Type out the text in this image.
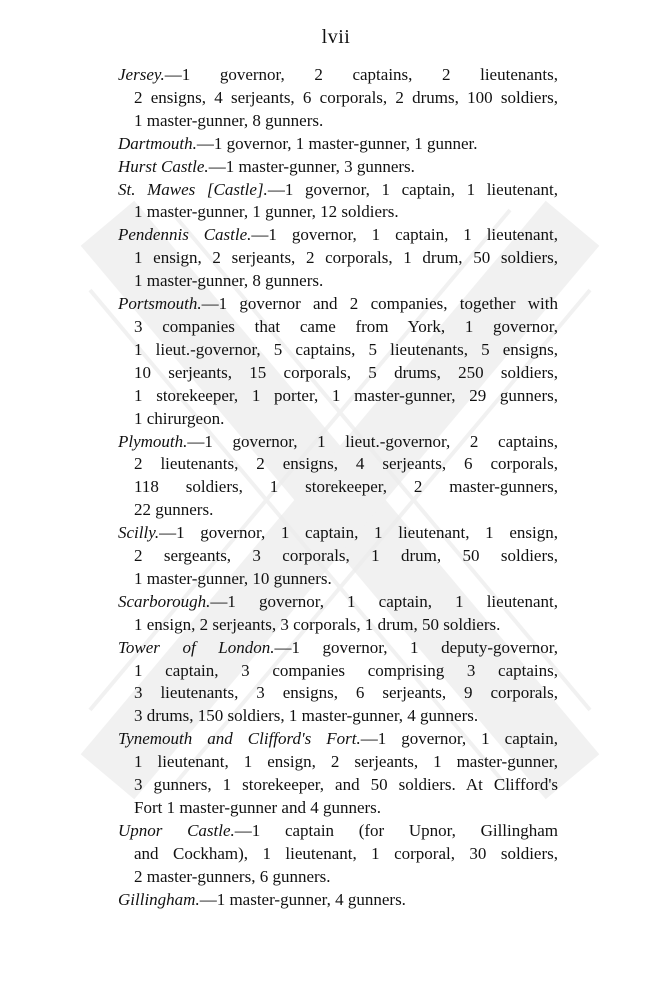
lvii
Jersey.—1 governor, 2 captains, 2 lieutenants,
2 ensigns, 4 serjeants, 6 corporals, 2 drums, 100 soldiers,
1 master-gunner, 8 gunners.
Dartmouth.—1 governor, 1 master-gunner, 1 gunner.
Hurst Castle.—1 master-gunner, 3 gunners.
St. Mawes [Castle].—1 governor, 1 captain, 1 lieutenant,
1 master-gunner, 1 gunner, 12 soldiers.
Pendennis Castle.—1 governor, 1 captain, 1 lieutenant,
1 ensign, 2 serjeants, 2 corporals, 1 drum, 50 soldiers,
1 master-gunner, 8 gunners.
Portsmouth.—1 governor and 2 companies, together with
3 companies that came from York, 1 governor,
1 lieut.-governor, 5 captains, 5 lieutenants, 5 ensigns,
10 serjeants, 15 corporals, 5 drums, 250 soldiers,
1 storekeeper, 1 porter, 1 master-gunner, 29 gunners,
1 chirurgeon.
Plymouth.—1 governor, 1 lieut.-governor, 2 captains,
2 lieutenants, 2 ensigns, 4 serjeants, 6 corporals,
118 soldiers, 1 storekeeper, 2 master-gunners,
22 gunners.
Scilly.—1 governor, 1 captain, 1 lieutenant, 1 ensign,
2 sergeants, 3 corporals, 1 drum, 50 soldiers,
1 master-gunner, 10 gunners.
Scarborough.—1 governor, 1 captain, 1 lieutenant,
1 ensign, 2 serjeants, 3 corporals, 1 drum, 50 soldiers.
Tower of London.—1 governor, 1 deputy-governor,
1 captain, 3 companies comprising 3 captains,
3 lieutenants, 3 ensigns, 6 serjeants, 9 corporals,
3 drums, 150 soldiers, 1 master-gunner, 4 gunners.
Tynemouth and Clifford's Fort.—1 governor, 1 captain,
1 lieutenant, 1 ensign, 2 serjeants, 1 master-gunner,
3 gunners, 1 storekeeper, and 50 soldiers. At Clifford's
Fort 1 master-gunner and 4 gunners.
Upnor Castle.—1 captain (for Upnor, Gillingham
and Cockham), 1 lieutenant, 1 corporal, 30 soldiers,
2 master-gunners, 6 gunners.
Gillingham.—1 master-gunner, 4 gunners.
